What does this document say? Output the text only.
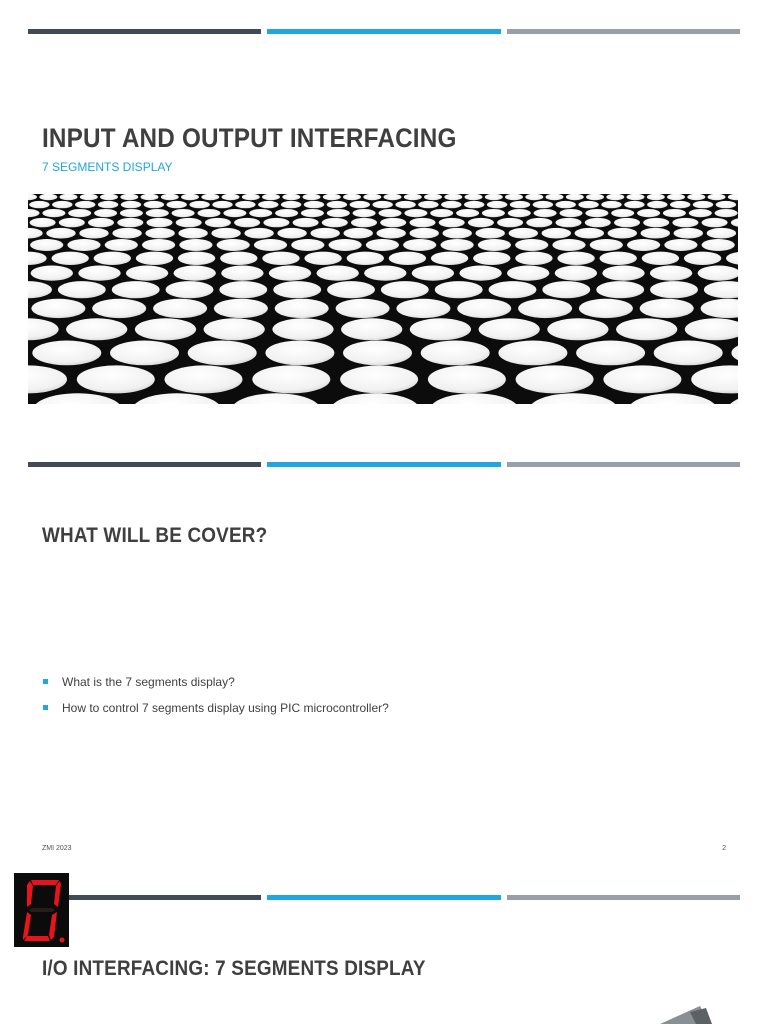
INPUT AND OUTPUT INTERFACING

7 SEGMENTS DISPLAY

WHAT WILL BE COVER?
What is the 7 segments display?
How to control 7 segments display using PIC microcontroller?
ZMI 2023	2
I/O INTERFACING: 7 SEGMENTS DISPLAY
